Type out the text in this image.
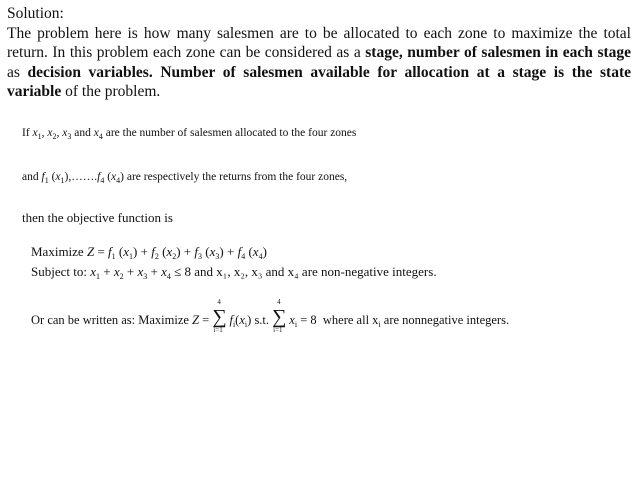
Solution:
The problem here is how many salesmen are to be allocated to each zone to maximize the total return. In this problem each zone can be considered as a stage, number of salesmen in each stage as decision variables. Number of salesmen available for allocation at a stage is the state variable of the problem.
If $x_1$, $x_2$, $x_3$ and $x_4$ are the number of salesmen allocated to the four zones
and $f_1$ $(x_1),\dots\dots.f_4$ $(x_4)$ are respectively the returns from the four zones,
then the objective function is
Maximize $Z = f_1$ $(x_1) + f_2$ $(x_2) + f_3$ $(x_3) + f_4$ $(x_4)$
Subject to: $x_1 + x_2 + x_3 + x_4 \le 8$ and x₁, x₂, x₃ and x₄ are non-negative integers.
Or can be written as: Maximize Z = ∑
4
i=1
$f_i(x_i)$ s.t. ∑
4
i=1
$x_i = 8$ where all $x_i$ are nonnegative integers.
